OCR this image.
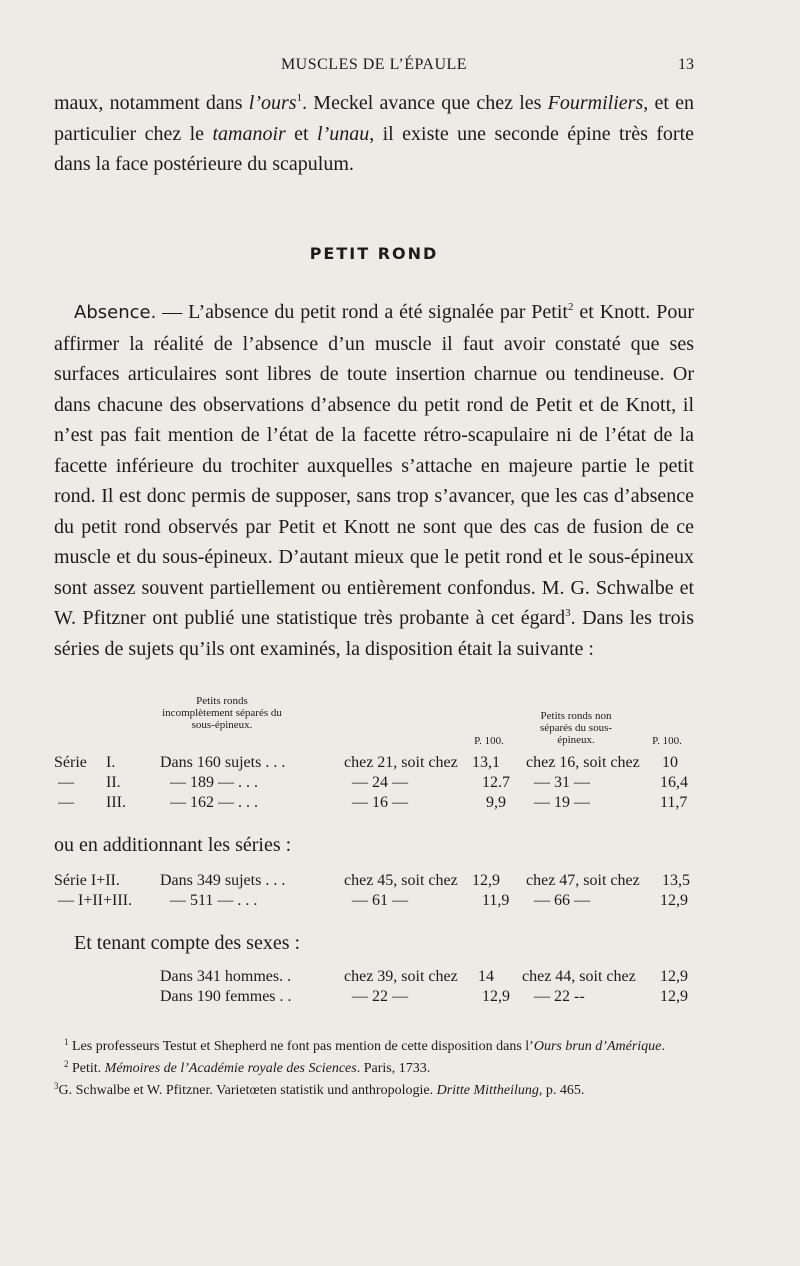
MUSCLES DE L’ÉPAULE	13

maux, notamment dans l’ours$^1$. Meckel avance que chez les Fourmiliers, et en particulier chez le tamanoir et l’unau, il existe une seconde épine très forte dans la face postérieure du scapulum.

PETIT ROND

Absence. — L’absence du petit rond a été signalée par Petit$^2$ et Knott. Pour affirmer la réalité de l’absence d’un muscle il faut avoir constaté que ses surfaces articulaires sont libres de toute insertion charnue ou tendineuse. Or dans chacune des observations d’absence du petit rond de Petit et de Knott, il n’est pas fait mention de l’état de la facette rétro-scapulaire ni de l’état de la facette inférieure du trochiter auxquelles s’attache en majeure partie le petit rond. Il est donc permis de supposer, sans trop s’avancer, que les cas d’absence du petit rond observés par Petit et Knott ne sont que des cas de fusion de ce muscle et du sous-épineux. D’autant mieux que le petit rond et le sous-épineux sont assez souvent partiellement ou entièrement confondus. M. G. Schwalbe et W. Pfitzner ont publié une statistique très probante à cet égard$^3$. Dans les trois séries de sujets qu’ils ont examinés, la disposition était la suivante :

Petits ronds incomplètement séparés du sous-épineux.
P. 100.
Petits ronds non séparés du sous-épineux.	P. 100.
Série I.	Dans 160 sujets . . .	chez 21, soit chez 13,1 chez 16, soit chez 10
— II.	— 189 — . . .	— 24 —	12.7 — 31 —	16,4
— III.	— 162 — . . .	— 16 —	9,9 — 19 —	11,7
ou en additionnant les séries :
Série I+II.	Dans 349 sujets . . .	chez 45, soit chez 12,9 chez 47, soit chez 13,5
— I+II+III. — 511 — . . .	— 61 —	11,9 — 66 —	12,9
Et tenant compte des sexes :
Dans 341 hommes. .	chez 39, soit chez 14 chez 44, soit chez 12,9
Dans 190 femmes . .	— 22 —	12,9 — 22 --	12,9

$^1$ Les professeurs Testut et Shepherd ne font pas mention de cette disposition dans l’Ours brun d’Amérique.

$^2$ Petit. Mémoires de l’Académie royale des Sciences. Paris, 1733.

$^3$G. Schwalbe et W. Pfitzner. Varietœten statistik und anthropologie. Dritte Mittheilung, p. 465.
